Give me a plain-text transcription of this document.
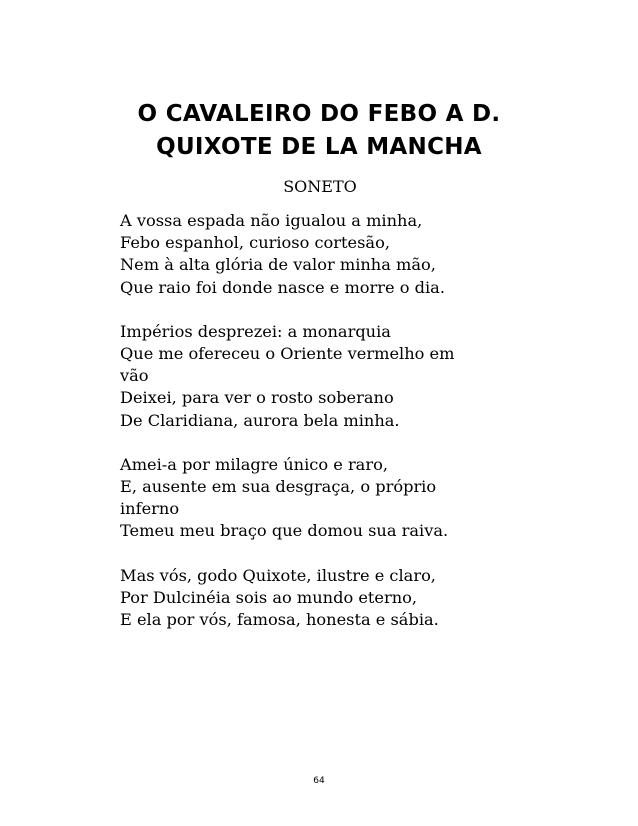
O CAVALEIRO DO FEBO A D.
QUIXOTE DE LA MANCHA
SONETO

A vossa espada não igualou a minha,
Febo espanhol, curioso cortesão,
Nem à alta glória de valor minha mão,
Que raio foi donde nasce e morre o dia.

Impérios desprezei: a monarquia
Que me ofereceu o Oriente vermelho em
vão
Deixei, para ver o rosto soberano
De Claridiana, aurora bela minha.

Amei-a por milagre único e raro,
E, ausente em sua desgraça, o próprio
inferno
Temeu meu braço que domou sua raiva.

Mas vós, godo Quixote, ilustre e claro,
Por Dulcinéia sois ao mundo eterno,
E ela por vós, famosa, honesta e sábia.

64
